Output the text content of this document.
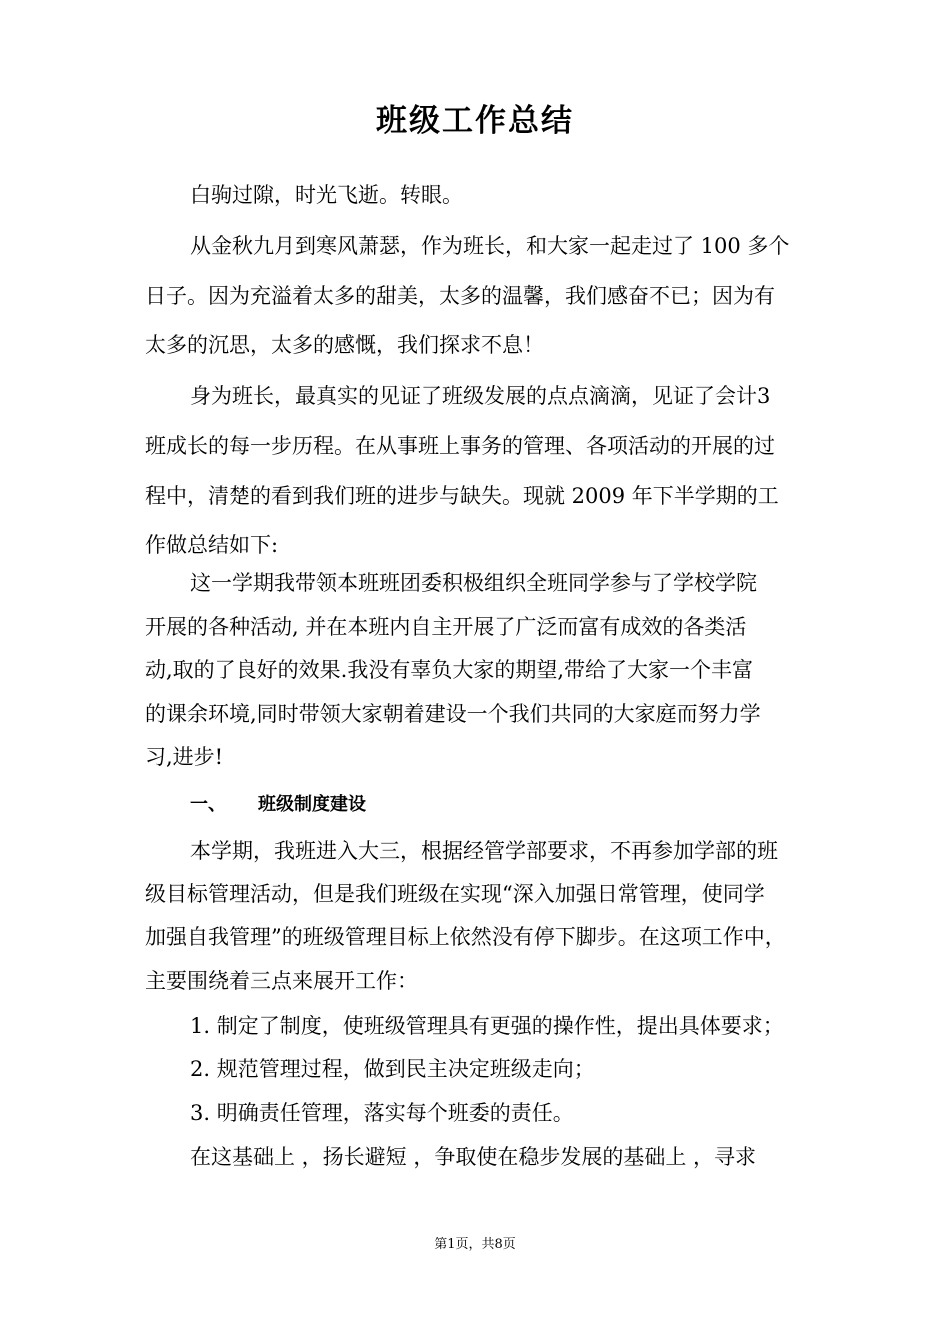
班级工作总结
白驹过隙，时光飞逝。转眼。
从金秋九月到寒风萧瑟，作为班长，和大家一起走过了 100 多个
日子。因为充溢着太多的甜美，太多的温馨，我们感奋不已；因为有
太多的沉思，太多的感慨，我们探求不息！
身为班长，最真实的见证了班级发展的点点滴滴，见证了会计3
班成长的每一步历程。在从事班上事务的管理、各项活动的开展的过
程中，清楚的看到我们班的进步与缺失。现就 2009 年下半学期的工
作做总结如下:
这一学期我带领本班班团委积极组织全班同学参与了学校学院
开展的各种活动, 并在本班内自主开展了广泛而富有成效的各类活
动,取的了良好的效果.我没有辜负大家的期望,带给了大家一个丰富
的课余环境,同时带领大家朝着建设一个我们共同的大家庭而努力学
习,进步!
一、 班级制度建设
本学期，我班进入大三，根据经管学部要求，不再参加学部的班
级目标管理活动，但是我们班级在实现“深入加强日常管理，使同学
加强自我管理”的班级管理目标上依然没有停下脚步。在这项工作中，
主要围绕着三点来展开工作：
1. 制定了制度，使班级管理具有更强的操作性，提出具体要求；
2. 规范管理过程，做到民主决定班级走向；
3. 明确责任管理，落实每个班委的责任。
在这基础上 ，扬长避短 ，争取使在稳步发展的基础上 ，寻求
第1页，共8页
